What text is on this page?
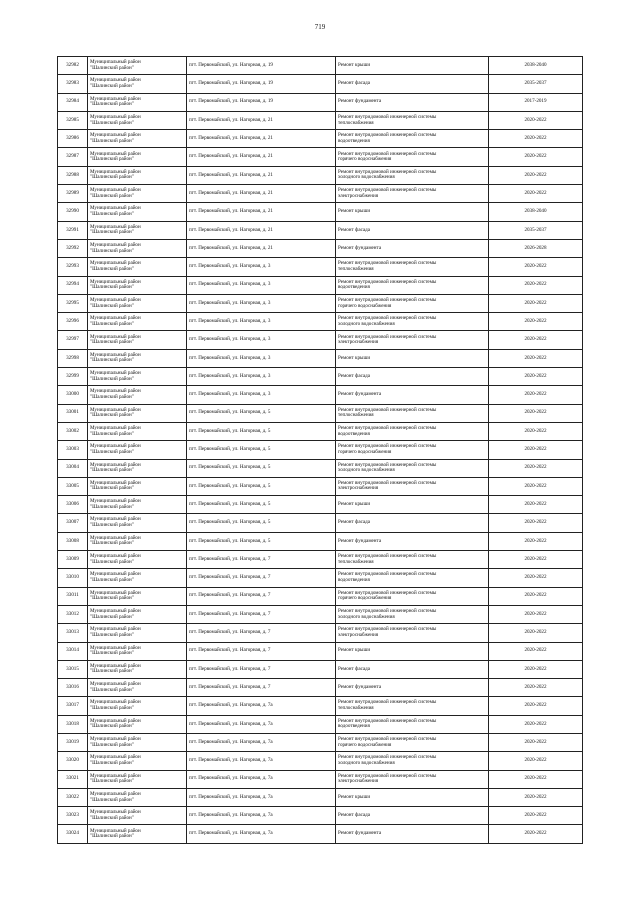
719
32982	Муниципальный район
"Шалинский район"	пгт. Первомайский, ул. Нагорная, д. 19	Ремонт крыши	2038-2040
32983	Муниципальный район
"Шалинский район"	пгт. Первомайский, ул. Нагорная, д. 19	Ремонт фасада	2035-2037
32984	Муниципальный район
"Шалинский район"	пгт. Первомайский, ул. Нагорная, д. 19	Ремонт фундамента	2017-2019
32985	Муниципальный район
"Шалинский район"	пгт. Первомайский, ул. Нагорная, д. 21	Ремонт внутридомовой инженерной системы
теплоснабжения	2020-2022
32986	Муниципальный район
"Шалинский район"	пгт. Первомайский, ул. Нагорная, д. 21	Ремонт внутридомовой инженерной системы
водоотведения	2020-2022
32987	Муниципальный район
"Шалинский район"	пгт. Первомайский, ул. Нагорная, д. 21	Ремонт внутридомовой инженерной системы
горячего водоснабжения	2020-2022
32988	Муниципальный район
"Шалинский район"	пгт. Первомайский, ул. Нагорная, д. 21	Ремонт внутридомовой инженерной системы
холодного водоснабжения	2020-2022
32989	Муниципальный район
"Шалинский район"	пгт. Первомайский, ул. Нагорная, д. 21	Ремонт внутридомовой инженерной системы
электроснабжения	2020-2022
32990	Муниципальный район
"Шалинский район"	пгт. Первомайский, ул. Нагорная, д. 21	Ремонт крыши	2038-2040
32991	Муниципальный район
"Шалинский район"	пгт. Первомайский, ул. Нагорная, д. 21	Ремонт фасада	2035-2037
32992	Муниципальный район
"Шалинский район"	пгт. Первомайский, ул. Нагорная, д. 21	Ремонт фундамента	2026-2028
32993	Муниципальный район
"Шалинский район"	пгт. Первомайский, ул. Нагорная, д. 3	Ремонт внутридомовой инженерной системы
теплоснабжения	2020-2022
32994	Муниципальный район
"Шалинский район"	пгт. Первомайский, ул. Нагорная, д. 3	Ремонт внутридомовой инженерной системы
водоотведения	2020-2022
32995	Муниципальный район
"Шалинский район"	пгт. Первомайский, ул. Нагорная, д. 3	Ремонт внутридомовой инженерной системы
горячего водоснабжения	2020-2022
32996	Муниципальный район
"Шалинский район"	пгт. Первомайский, ул. Нагорная, д. 3	Ремонт внутридомовой инженерной системы
холодного водоснабжения	2020-2022
32997	Муниципальный район
"Шалинский район"	пгт. Первомайский, ул. Нагорная, д. 3	Ремонт внутридомовой инженерной системы
электроснабжения	2020-2022
32998	Муниципальный район
"Шалинский район"	пгт. Первомайский, ул. Нагорная, д. 3	Ремонт крыши	2020-2022
32999	Муниципальный район
"Шалинский район"	пгт. Первомайский, ул. Нагорная, д. 3	Ремонт фасада	2020-2022
33000	Муниципальный район
"Шалинский район"	пгт. Первомайский, ул. Нагорная, д. 3	Ремонт фундамента	2020-2022
33001	Муниципальный район
"Шалинский район"	пгт. Первомайский, ул. Нагорная, д. 5	Ремонт внутридомовой инженерной системы
теплоснабжения	2020-2022
33002	Муниципальный район
"Шалинский район"	пгт. Первомайский, ул. Нагорная, д. 5	Ремонт внутридомовой инженерной системы
водоотведения	2020-2022
33003	Муниципальный район
"Шалинский район"	пгт. Первомайский, ул. Нагорная, д. 5	Ремонт внутридомовой инженерной системы
горячего водоснабжения	2020-2022
33004	Муниципальный район
"Шалинский район"	пгт. Первомайский, ул. Нагорная, д. 5	Ремонт внутридомовой инженерной системы
холодного водоснабжения	2020-2022
33005	Муниципальный район
"Шалинский район"	пгт. Первомайский, ул. Нагорная, д. 5	Ремонт внутридомовой инженерной системы
электроснабжения	2020-2022
33006	Муниципальный район
"Шалинский район"	пгт. Первомайский, ул. Нагорная, д. 5	Ремонт крыши	2020-2022
33007	Муниципальный район
"Шалинский район"	пгт. Первомайский, ул. Нагорная, д. 5	Ремонт фасада	2020-2022
33008	Муниципальный район
"Шалинский район"	пгт. Первомайский, ул. Нагорная, д. 5	Ремонт фундамента	2020-2022
33009	Муниципальный район
"Шалинский район"	пгт. Первомайский, ул. Нагорная, д. 7	Ремонт внутридомовой инженерной системы
теплоснабжения	2020-2022
33010	Муниципальный район
"Шалинский район"	пгт. Первомайский, ул. Нагорная, д. 7	Ремонт внутридомовой инженерной системы
водоотведения	2020-2022
33011	Муниципальный район
"Шалинский район"	пгт. Первомайский, ул. Нагорная, д. 7	Ремонт внутридомовой инженерной системы
горячего водоснабжения	2020-2022
33012	Муниципальный район
"Шалинский район"	пгт. Первомайский, ул. Нагорная, д. 7	Ремонт внутридомовой инженерной системы
холодного водоснабжения	2020-2022
33013	Муниципальный район
"Шалинский район"	пгт. Первомайский, ул. Нагорная, д. 7	Ремонт внутридомовой инженерной системы
электроснабжения	2020-2022
33014	Муниципальный район
"Шалинский район"	пгт. Первомайский, ул. Нагорная, д. 7	Ремонт крыши	2020-2022
33015	Муниципальный район
"Шалинский район"	пгт. Первомайский, ул. Нагорная, д. 7	Ремонт фасада	2020-2022
33016	Муниципальный район
"Шалинский район"	пгт. Первомайский, ул. Нагорная, д. 7	Ремонт фундамента	2020-2022
33017	Муниципальный район
"Шалинский район"	пгт. Первомайский, ул. Нагорная, д. 7а	Ремонт внутридомовой инженерной системы
теплоснабжения	2020-2022
33018	Муниципальный район
"Шалинский район"	пгт. Первомайский, ул. Нагорная, д. 7а	Ремонт внутридомовой инженерной системы
водоотведения	2020-2022
33019	Муниципальный район
"Шалинский район"	пгт. Первомайский, ул. Нагорная, д. 7а	Ремонт внутридомовой инженерной системы
горячего водоснабжения	2020-2022
33020	Муниципальный район
"Шалинский район"	пгт. Первомайский, ул. Нагорная, д. 7а	Ремонт внутридомовой инженерной системы
холодного водоснабжения	2020-2022
33021	Муниципальный район
"Шалинский район"	пгт. Первомайский, ул. Нагорная, д. 7а	Ремонт внутридомовой инженерной системы
электроснабжения	2020-2022
33022	Муниципальный район
"Шалинский район"	пгт. Первомайский, ул. Нагорная, д. 7а	Ремонт крыши	2020-2022
33023	Муниципальный район
"Шалинский район"	пгт. Первомайский, ул. Нагорная, д. 7а	Ремонт фасада	2020-2022
33024	Муниципальный район
"Шалинский район"	пгт. Первомайский, ул. Нагорная, д. 7а	Ремонт фундамента	2020-2022
